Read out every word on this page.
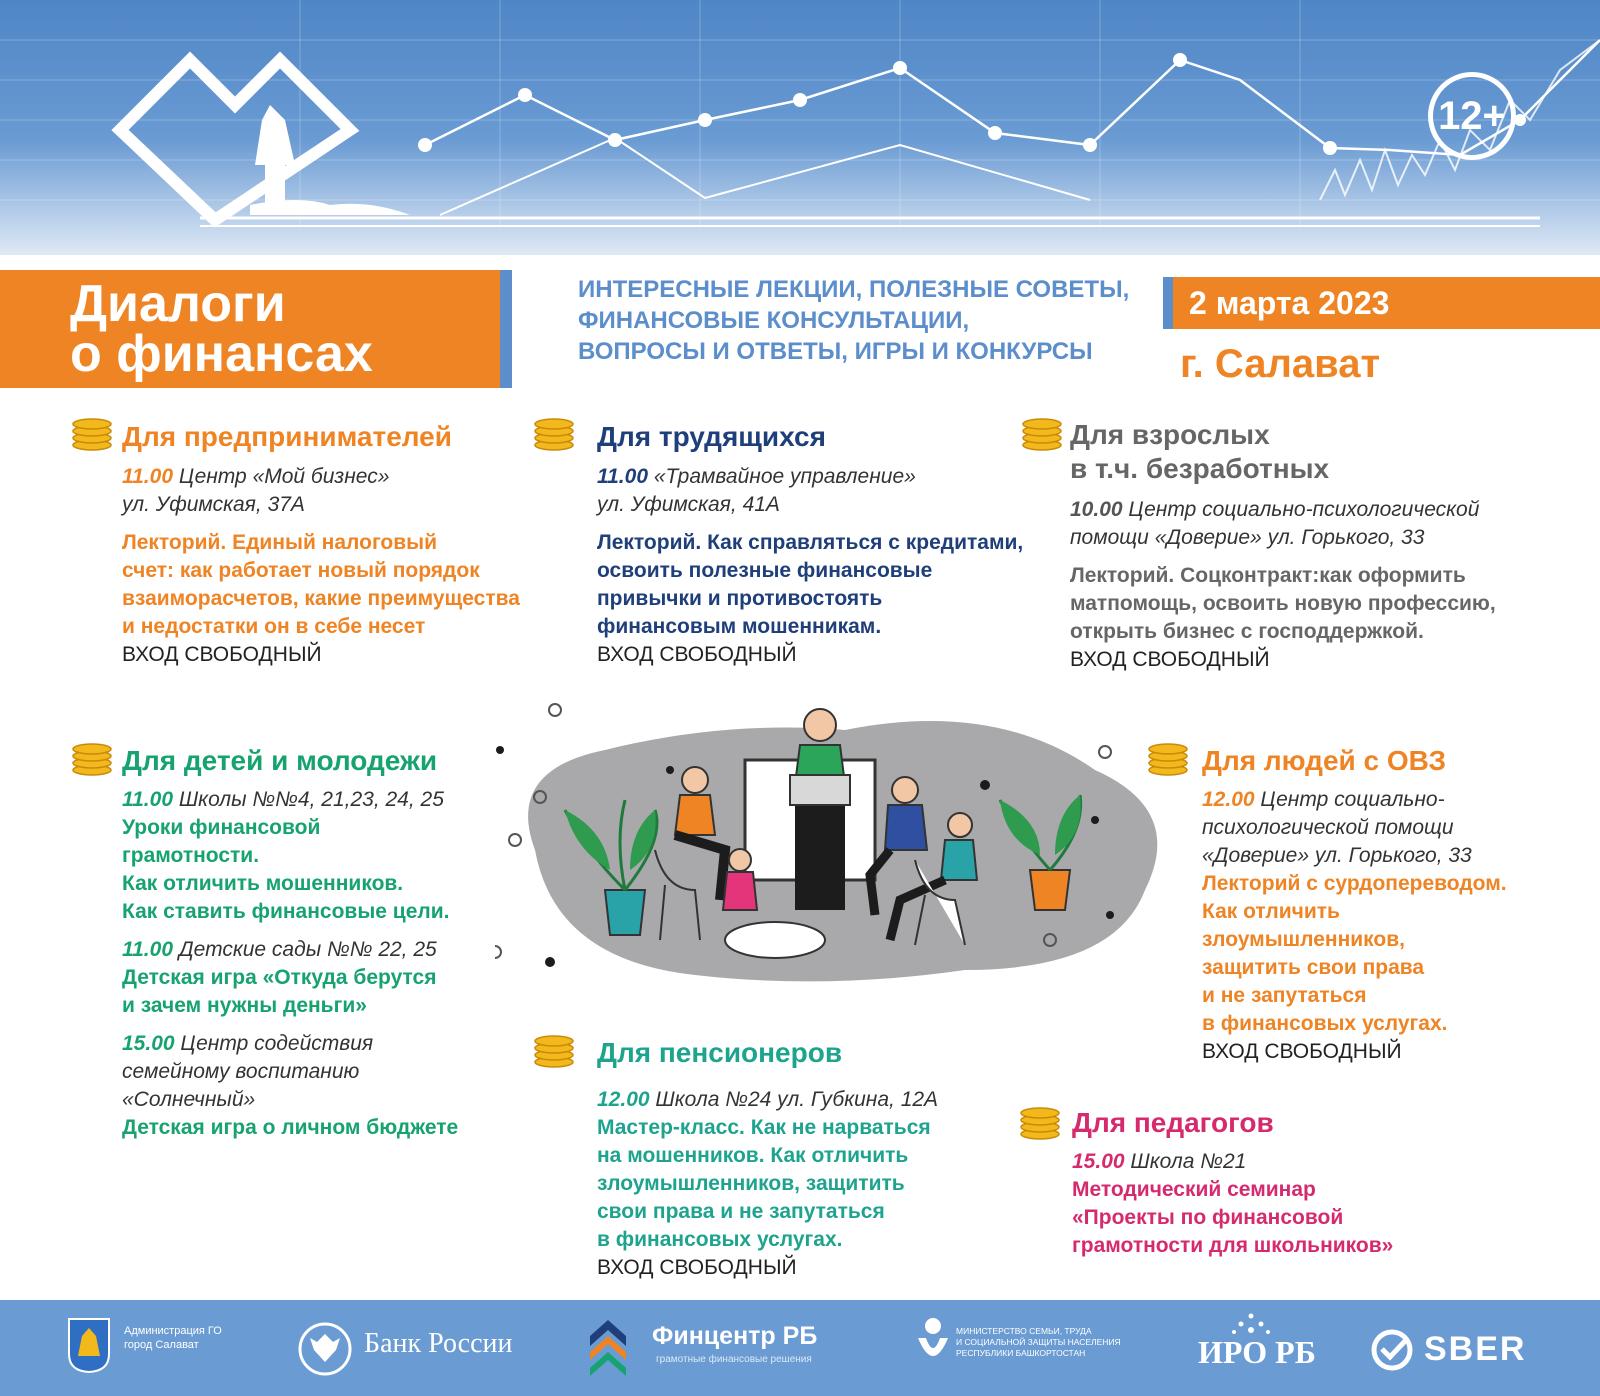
12+
Диалоги
о финансах
ИНТЕРЕСНЫЕ ЛЕКЦИИ, ПОЛЕЗНЫЕ СОВЕТЫ,
ФИНАНСОВЫЕ КОНСУЛЬТАЦИИ,
ВОПРОСЫ И ОТВЕТЫ, ИГРЫ И КОНКУРСЫ
2 марта 2023
г. Салават
Для предпринимателей
11.00 Центр «Мой бизнес»
ул. Уфимская, 37А
Лекторий. Единый налоговый
счет: как работает новый порядок
взаиморасчетов, какие преимущества
и недостатки он в себе несет
ВХОД СВОБОДНЫЙ
Для трудящихся
11.00 «Трамвайное управление»
ул. Уфимская, 41А
Лекторий. Как справляться с кредитами,
освоить полезные финансовые
привычки и противостоять
финансовым мошенникам.
ВХОД СВОБОДНЫЙ
Для взрослых
в т.ч. безработных
10.00 Центр социально-психологической
помощи «Доверие» ул. Горького, 33
Лекторий. Соцконтракт:как оформить
матпомощь, освоить новую профессию,
открыть бизнес с господдержкой.
ВХОД СВОБОДНЫЙ
Для детей и молодежи
11.00 Школы №№4, 21,23, 24, 25
Уроки финансовой
грамотности.
Как отличить мошенников.
Как ставить финансовые цели.
11.00 Детские сады №№ 22, 25
Детская игра «Откуда берутся
и зачем нужны деньги»
15.00 Центр содействия
семейному воспитанию
«Солнечный»
Детская игра о личном бюджете
Для людей с ОВЗ
12.00 Центр социально-
психологической помощи
«Доверие» ул. Горького, 33
Лекторий с сурдопереводом.
Как отличить
злоумышленников,
защитить свои права
и не запутаться
в финансовых услугах.
ВХОД СВОБОДНЫЙ
Для пенсионеров
12.00 Школа №24 ул. Губкина, 12А
Мастер-класс. Как не нарваться
на мошенников. Как отличить
злоумышленников, защитить
свои права и не запутаться
в финансовых услугах.
ВХОД СВОБОДНЫЙ
Для педагогов
15.00 Школа №21
Методический семинар
«Проекты по финансовой
грамотности для школьников»
Администрация ГО
город Салават	Банк России	Финцентр РБ
грамотные финансовые решения
МИНИСТЕРСТВО СЕМЬИ, ТРУДА
И СОЦИАЛЬНОЙ ЗАЩИТЫ НАСЕЛЕНИЯ
РЕСПУБЛИКИ БАШКОРТОСТАН	ИРО РБ	SBER
